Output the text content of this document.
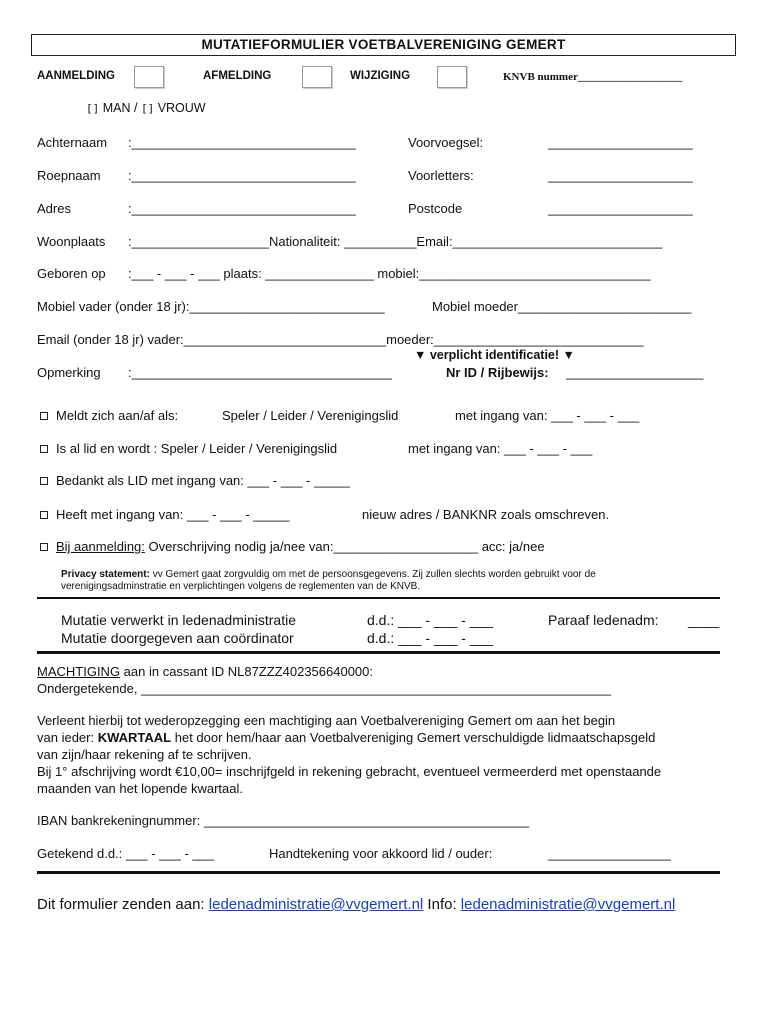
MUTATIEFORMULIER VOETBALVERENIGING GEMERT
AANMELDING	AFMELDING	WIJZIGING	KNVB nummer___________________
[] MAN / [] VROUW
Achternaam :_______________________________	Voorvoegsel:	____________________
Roepnaam :_______________________________	Voorletters:	____________________
Adres	:_______________________________	Postcode	____________________
Woonplaats :___________________Nationaliteit: __________Email:_____________________________
Geboren op :___ - ___ - ___ plaats: _______________ mobiel:________________________________
Mobiel vader (onder 18 jr):___________________________	Mobiel moeder________________________
Email (onder 18 jr) vader:____________________________moeder:_____________________________
▼ verplicht identificatie! ▼
Opmerking :____________________________________	Nr ID / Rijbewijs: ___________________
Meldt zich aan/af als:	Speler / Leider / Verenigingslid	met ingang van: ___ - ___ - ___
Is al lid en wordt : Speler / Leider / Verenigingslid	met ingang van: ___ - ___ - ___
Bedankt als LID met ingang van: ___ - ___ - _____
Heeft met ingang van: ___ - ___ - _____	nieuw adres / BANKNR zoals omschreven.
Bij aanmelding: Overschrijving nodig ja/nee van:____________________ acc: ja/nee
Privacy statement: vv Gemert gaat zorgvuldig om met de persoonsgegevens. Zij zullen slechts worden gebruikt voor de
verenigingsadminstratie en verplichtingen volgens de reglementen van de KNVB.
Mutatie verwerkt in ledenadministratie	d.d.: ___ - ___ - ___	Paraaf ledenadm: ____
Mutatie doorgegeven aan coördinator	d.d.: ___ - ___ - ___
MACHTIGING aan in cassant ID NL87ZZZ402356640000:
Ondergetekende, _________________________________________________________________
Verleent hierbij tot wederopzegging een machtiging aan Voetbalvereniging Gemert om aan het begin
van ieder: KWARTAAL het door hem/haar aan Voetbalvereniging Gemert verschuldigde lidmaatschapsgeld
van zijn/haar rekening af te schrijven.
Bij 1° afschrijving wordt €10,00= inschrijfgeld in rekening gebracht, eventueel vermeerderd met openstaande
maanden van het lopende kwartaal.
IBAN bankrekeningnummer: _____________________________________________
Getekend d.d.: ___ - ___ - ___	Handtekening voor akkoord lid / ouder:	_________________
Dit formulier zenden aan: ledenadministratie@vvgemert.nl Info: ledenadministratie@vvgemert.nl
